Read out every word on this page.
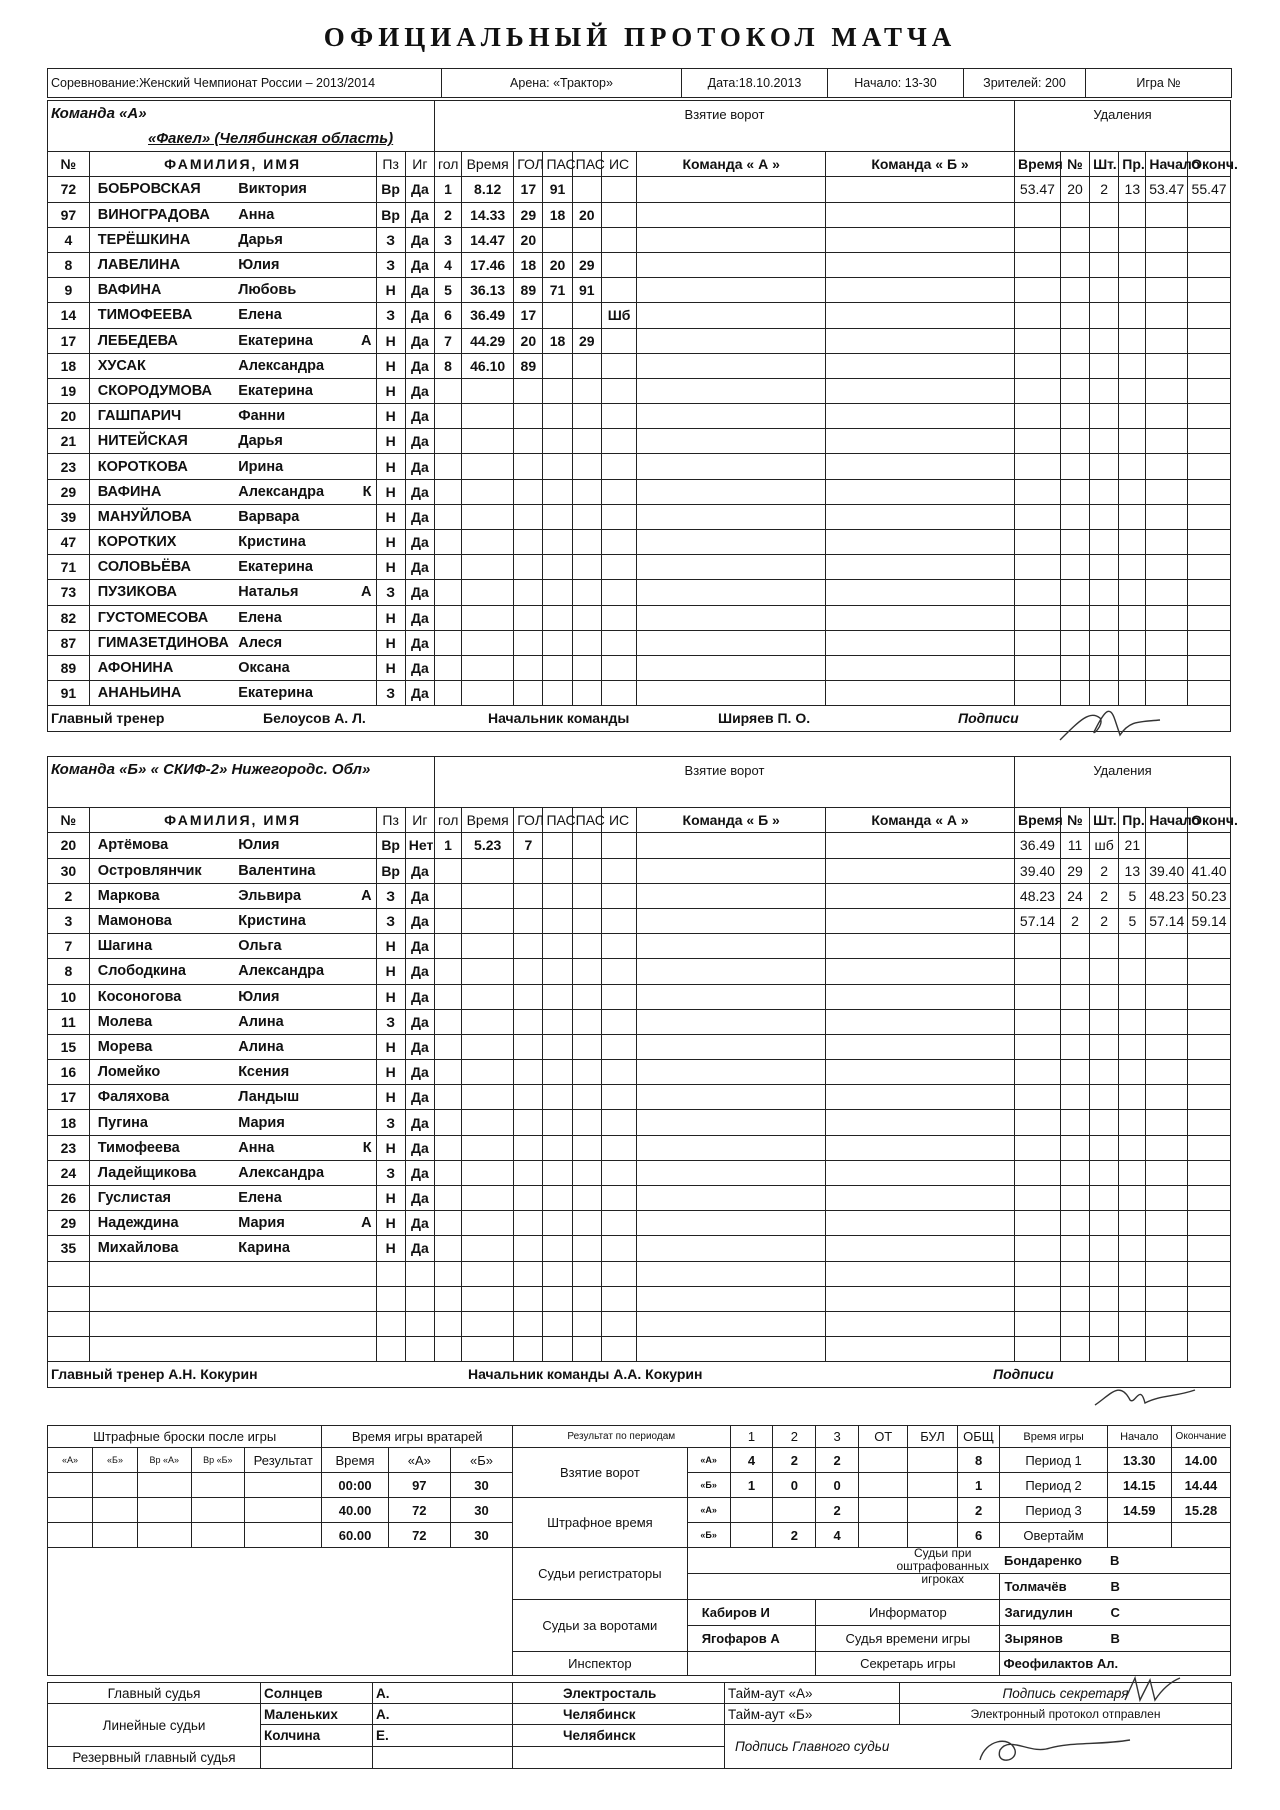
ОФИЦИАЛЬНЫЙ ПРОТОКОЛ МАТЧА
Соревнование:Женский Чемпионат России – 2013/2014	Арена: «Трактор»	Дата:18.10.2013	Начало: 13-30	Зрителей: 200	Игра №
Команда «А»					Взятие ворот								Удаления					
«Факел» (Челябинская область)																		
№	ФАМИЛИЯ, ИМЯ		Пз	Иг	гол	Время	ГОЛ	ПАС	ПАС	ИС	Команда « А »	Команда « Б »	Время	№	Шт.	Пр.	Начало	Оконч.
72	БОБРОВСКАЯ	Виктория	Вр	Да	1	8.12	17	91					53.47	20	2	13	53.47	55.47
97	ВИНОГРАДОВА	Анна	Вр	Да	2	14.33	29	18	20									
4	ТЕРЁШКИНА	Дарья	З	Да	3	14.47	20											
8	ЛАВЕЛИНА	Юлия	З	Да	4	17.46	18	20	29									
9	ВАФИНА	Любовь	Н	Да	5	36.13	89	71	91									
14	ТИМОФЕЕВА	Елена	З	Да	6	36.49	17			Шб								
17	ЛЕБЕДЕВА	Екатерина А	Н	Да	7	44.29	20	18	29									
18	ХУСАК	Александра	Н	Да	8	46.10	89											
19	СКОРОДУМОВА	Екатерина	Н	Да														
20	ГАШПАРИЧ	Фанни	Н	Да														
21	НИТЕЙСКАЯ	Дарья	Н	Да														
23	КОРОТКОВА	Ирина	Н	Да														
29	ВАФИНА	Александра К	Н	Да														
39	МАНУЙЛОВА	Варвара	Н	Да														
47	КОРОТКИХ	Кристина	Н	Да														
71	СОЛОВЬЁВА	Екатерина	Н	Да														
73	ПУЗИКОВА	Наталья А	З	Да														
82	ГУСТОМЕСОВА	Елена	Н	Да														
87	ГИМАЗЕТДИНОВА	Алеся	Н	Да														
89	АФОНИНА	Оксана	Н	Да														
91	АНАНЬИНА	Екатерина	З	Да														
Главный тренер Белоусов А. Л. Начальник команды Ширяев П. О. Подписи																		
Команда «Б» « СКИФ-2» Нижегородс. Обл»					Взятие ворот								Удаления					

№	ФАМИЛИЯ, ИМЯ		Пз	Иг	гол	Время	ГОЛ	ПАС	ПАС	ИС	Команда « Б »	Команда « А »	Время	№	Шт.	Пр.	Начало	Оконч.
20	Артёмова	Юлия	Вр	Нет	1	5.23	7						36.49	11	шб	21		
30	Островлянчик	Валентина	Вр	Да									39.40	29	2	13	39.40	41.40
2	Маркова	Эльвира А	З	Да									48.23	24	2	5	48.23	50.23
3	Мамонова	Кристина	З	Да									57.14	2	2	5	57.14	59.14
7	Шагина	Ольга	Н	Да														
8	Слободкина	Александра	Н	Да														
10	Косоногова	Юлия	Н	Да														
11	Молева	Алина	З	Да														
15	Морева	Алина	Н	Да														
16	Ломейко	Ксения	Н	Да														
17	Фаляхова	Ландыш	Н	Да														
18	Пугина	Мария	З	Да														
23	Тимофеева	Анна К	Н	Да														
24	Ладейщикова	Александра	З	Да														
26	Гуслистая	Елена	Н	Да														
29	Надеждина	Мария А	Н	Да														
35	Михайлова	Карина	Н	Да														

Главный тренер А.Н. Кокурин Начальник команды А.А. Кокурин Подписи																		
Штрафные броски после игры					Время игры вратарей			Результат по периодам		1	2	3	ОТ	БУЛ	ОБЩ	Время игры	Начало	Окончание
«А»	«Б»	Вр «А»	Вр «Б»	Результат	Время	«А»	«Б»	Взятие ворот	«А»	4	2	2			8	Период 1	13.30	14.00
					00:00	97	30		«Б»	1	0	0			1	Период 2	14.15	14.44
					40.00	72	30	Штрафное время	«А»			2			2	Период 3	14.59	15.28
					60.00	72	30		«Б»		2	4			6	Овертайм		
								Судьи регистраторы								Бондаренко В		

									Судьи при оштрафованных игроках							Толмачёв В		

								Судьи за воротами	Кабиров И			Информатор				Загидулин С		

									Ягофаров А			Судья времени игры				Зырянов В		

								Инспектор				Секретарь игры				Феофилактов Ал.		
Главный судья	Солнцев	А.	Электросталь	Тайм-аут «А»	Подпись секретаря
Линейные судьи	Маленьких	А.	Челябинск	Тайм-аут «Б»	Электронный протокол отправлен
	Колчина	Е.	Челябинск	Подпись Главного судьи	
Резервный главный судья					
